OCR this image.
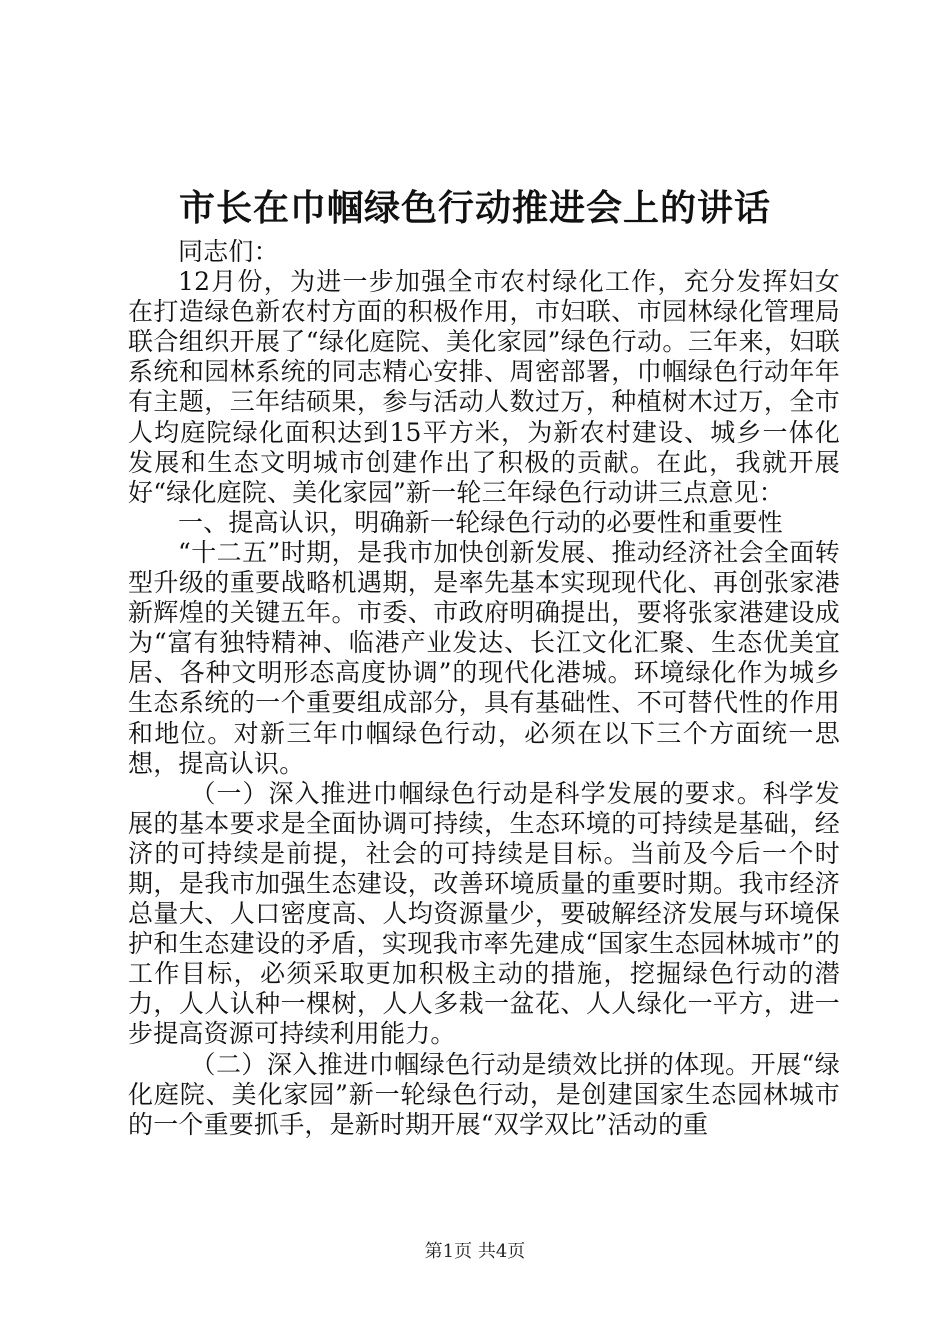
市长在巾帼绿色行动推进会上的讲话

同志们：

12月份，为进一步加强全市农村绿化工作，充分发挥妇女在打造绿色新农村方面的积极作用，市妇联、市园林绿化管理局联合组织开展了“绿化庭院、美化家园”绿色行动。三年来，妇联系统和园林系统的同志精心安排、周密部署，巾帼绿色行动年年有主题，三年结硕果，参与活动人数过万，种植树木过万，全市人均庭院绿化面积达到15平方米，为新农村建设、城乡一体化发展和生态文明城市创建作出了积极的贡献。在此，我就开展好“绿化庭院、美化家园”新一轮三年绿色行动讲三点意见：

一、提高认识，明确新一轮绿色行动的必要性和重要性

“十二五”时期，是我市加快创新发展、推动经济社会全面转型升级的重要战略机遇期，是率先基本实现现代化、再创张家港新辉煌的关键五年。市委、市政府明确提出，要将张家港建设成为“富有独特精神、临港产业发达、长江文化汇聚、生态优美宜居、各种文明形态高度协调”的现代化港城。环境绿化作为城乡生态系统的一个重要组成部分，具有基础性、不可替代性的作用和地位。对新三年巾帼绿色行动，必须在以下三个方面统一思想，提高认识。

（一）深入推进巾帼绿色行动是科学发展的要求。科学发展的基本要求是全面协调可持续，生态环境的可持续是基础，经济的可持续是前提，社会的可持续是目标。当前及今后一个时期，是我市加强生态建设，改善环境质量的重要时期。我市经济总量大、人口密度高、人均资源量少，要破解经济发展与环境保护和生态建设的矛盾，实现我市率先建成“国家生态园林城市”的工作目标，必须采取更加积极主动的措施，挖掘绿色行动的潜力，人人认种一棵树，人人多栽一盆花、人人绿化一平方，进一步提高资源可持续利用能力。

（二）深入推进巾帼绿色行动是绩效比拼的体现。开展“绿化庭院、美化家园”新一轮绿色行动，是创建国家生态园林城市的一个重要抓手，是新时期开展“双学双比”活动的重

第1页 共4页
